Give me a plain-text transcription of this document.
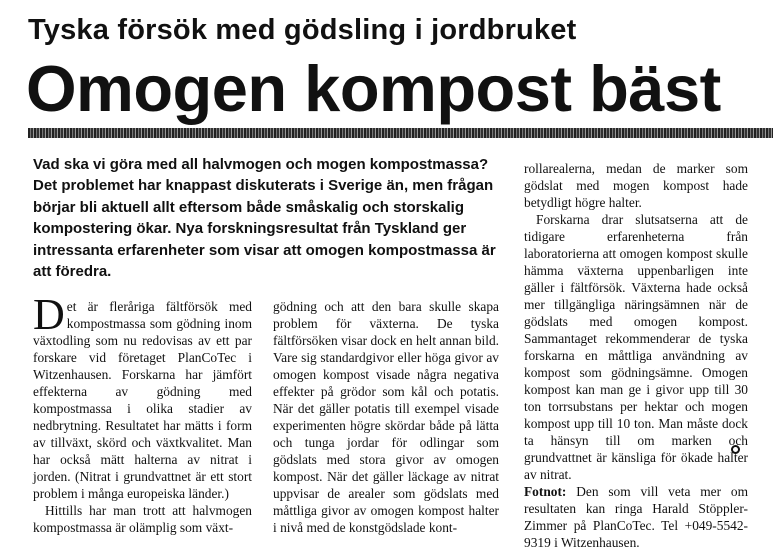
Tyska försök med gödsling i jordbruket
Omogen kompost bäst
Vad ska vi göra med all halvmogen och mogen kompostmassa? Det problemet har knappast diskuterats i Sverige än, men frågan börjar bli aktuell allt eftersom både småskalig och storskalig kompostering ökar. Nya forskningsresultat från Tyskland ger intressanta erfarenheter som visar att omogen kompostmassa är att föredra.

Det är fleråriga fältförsök med kompostmassa som gödning inom växtodling som nu redovisas av ett par forskare vid företaget PlanCoTec i Witzenhausen. Forskarna har jämfört effekterna av gödning med kompostmassa i olika stadier av nedbrytning. Resultatet har mätts i form av tillväxt, skörd och växtkvalitet. Man har också mätt halterna av nitrat i jorden. (Nitrat i grundvattnet är ett stort problem i många europeiska länder.)

Hittills har man trott att halvmogen kompostmassa är olämplig som växt-

gödning och att den bara skulle skapa problem för växterna. De tyska fältförsöken visar dock en helt annan bild. Vare sig standardgivor eller höga givor av omogen kompost visade några negativa effekter på grödor som kål och potatis. När det gäller potatis till exempel visade experimenten högre skördar både på lätta och tunga jordar för odlingar som gödslats med stora givor av omogen kompost. När det gäller läckage av nitrat uppvisar de arealer som gödslats med måttliga givor av omogen kompost halter i nivå med de konstgödslade kont-

rollarealerna, medan de marker som gödslat med mogen kompost hade betydligt högre halter.

Forskarna drar slutsatserna att de tidigare erfarenheterna från laboratorierna att omogen kompost skulle hämma växterna uppenbarligen inte gäller i fältförsök. Växterna hade också mer tillgängliga näringsämnen när de gödslats med omogen kompost. Sammantaget rekommenderar de tyska forskarna en måttliga användning av kompost som gödningsämne. Omogen kompost kan man ge i givor upp till 30 ton torrsubstans per hektar och mogen kompost upp till 10 ton. Man måste dock ta hänsyn till om marken och grundvattnet är känsliga för ökade halter av nitrat.

Fotnot: Den som vill veta mer om resultaten kan ringa Harald Stöppler-Zimmer på PlanCoTec. Tel +049-5542-9319 i Witzenhausen.
